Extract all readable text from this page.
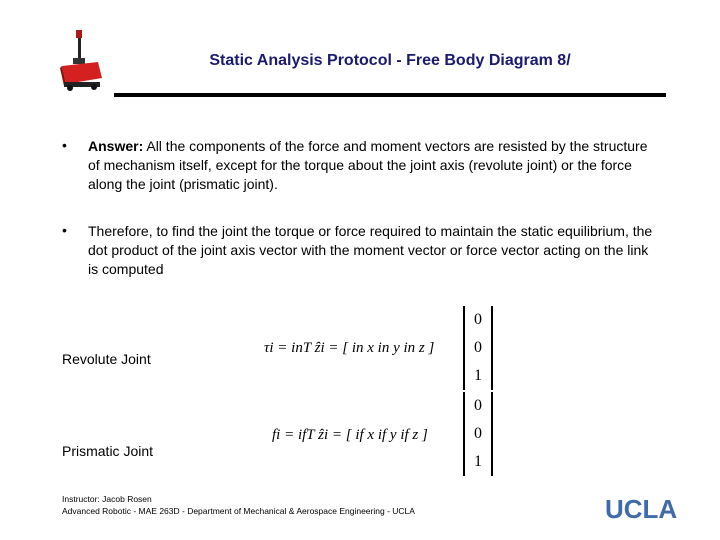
Static Analysis Protocol - Free Body Diagram 8/
• Answer: All the components of the force and moment vectors are resisted by the structure of mechanism itself, except for the torque about the joint axis (revolute joint) or the force along the joint (prismatic joint).
• Therefore, to find the joint the torque or force required to maintain the static equilibrium, the dot product of the joint axis vector with the moment vector or force vector acting on the link is computed
Revolute Joint
τi = inT ẑi = [ in x in y in z ]
0
0
1
Prismatic Joint
fi = ifT ẑi = [ if x if y if z ]
0
0
1
Instructor: Jacob Rosen
Advanced Robotic - MAE 263D - Department of Mechanical & Aerospace Engineering - UCLA	UCLA
